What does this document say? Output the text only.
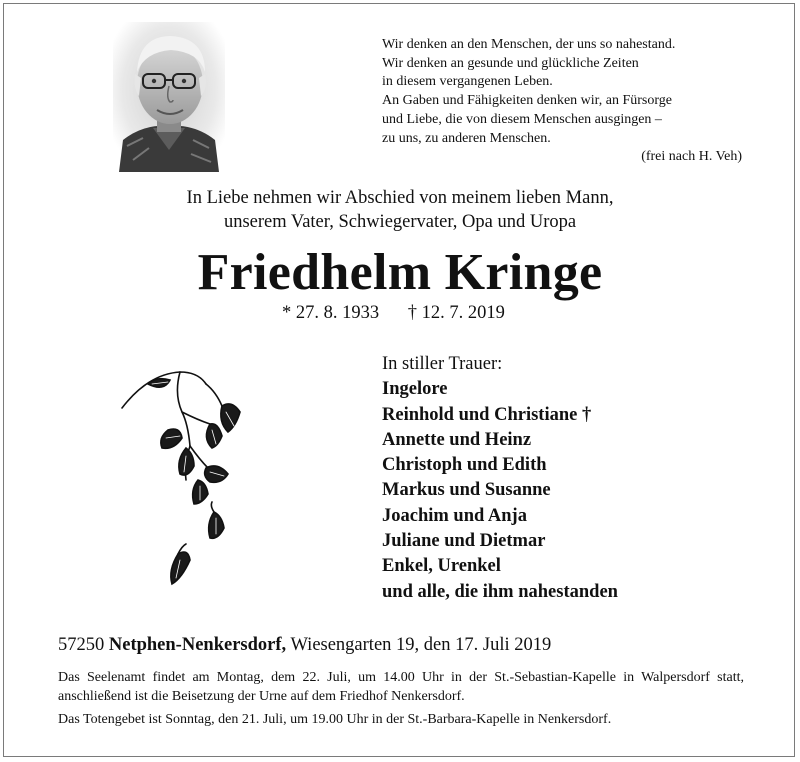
Wir denken an den Menschen, der uns so nahestand.
Wir denken an gesunde und glückliche Zeiten
in diesem vergangenen Leben.
An Gaben und Fähigkeiten denken wir, an Fürsorge
und Liebe, die von diesem Menschen ausgingen –
zu uns, zu anderen Menschen.
(frei nach H. Veh)
In Liebe nehmen wir Abschied von meinem lieben Mann,
unserem Vater, Schwiegervater, Opa und Uropa
Friedhelm Kringe
* 27. 8. 1933 † 12. 7. 2019
In stiller Trauer:
Ingelore
Reinhold und Christiane †
Annette und Heinz
Christoph und Edith
Markus und Susanne
Joachim und Anja
Juliane und Dietmar
Enkel, Urenkel
und alle, die ihm nahestanden
57250 Netphen-Nenkersdorf, Wiesengarten 19, den 17. Juli 2019

Das Seelenamt findet am Montag, dem 22. Juli, um 14.00 Uhr in der St.-Sebastian-Kapelle in Walpersdorf statt, anschließend ist die Beisetzung der Urne auf dem Friedhof Nenkersdorf.

Das Totengebet ist Sonntag, den 21. Juli, um 19.00 Uhr in der St.-Barbara-Kapelle in Nenkersdorf.
